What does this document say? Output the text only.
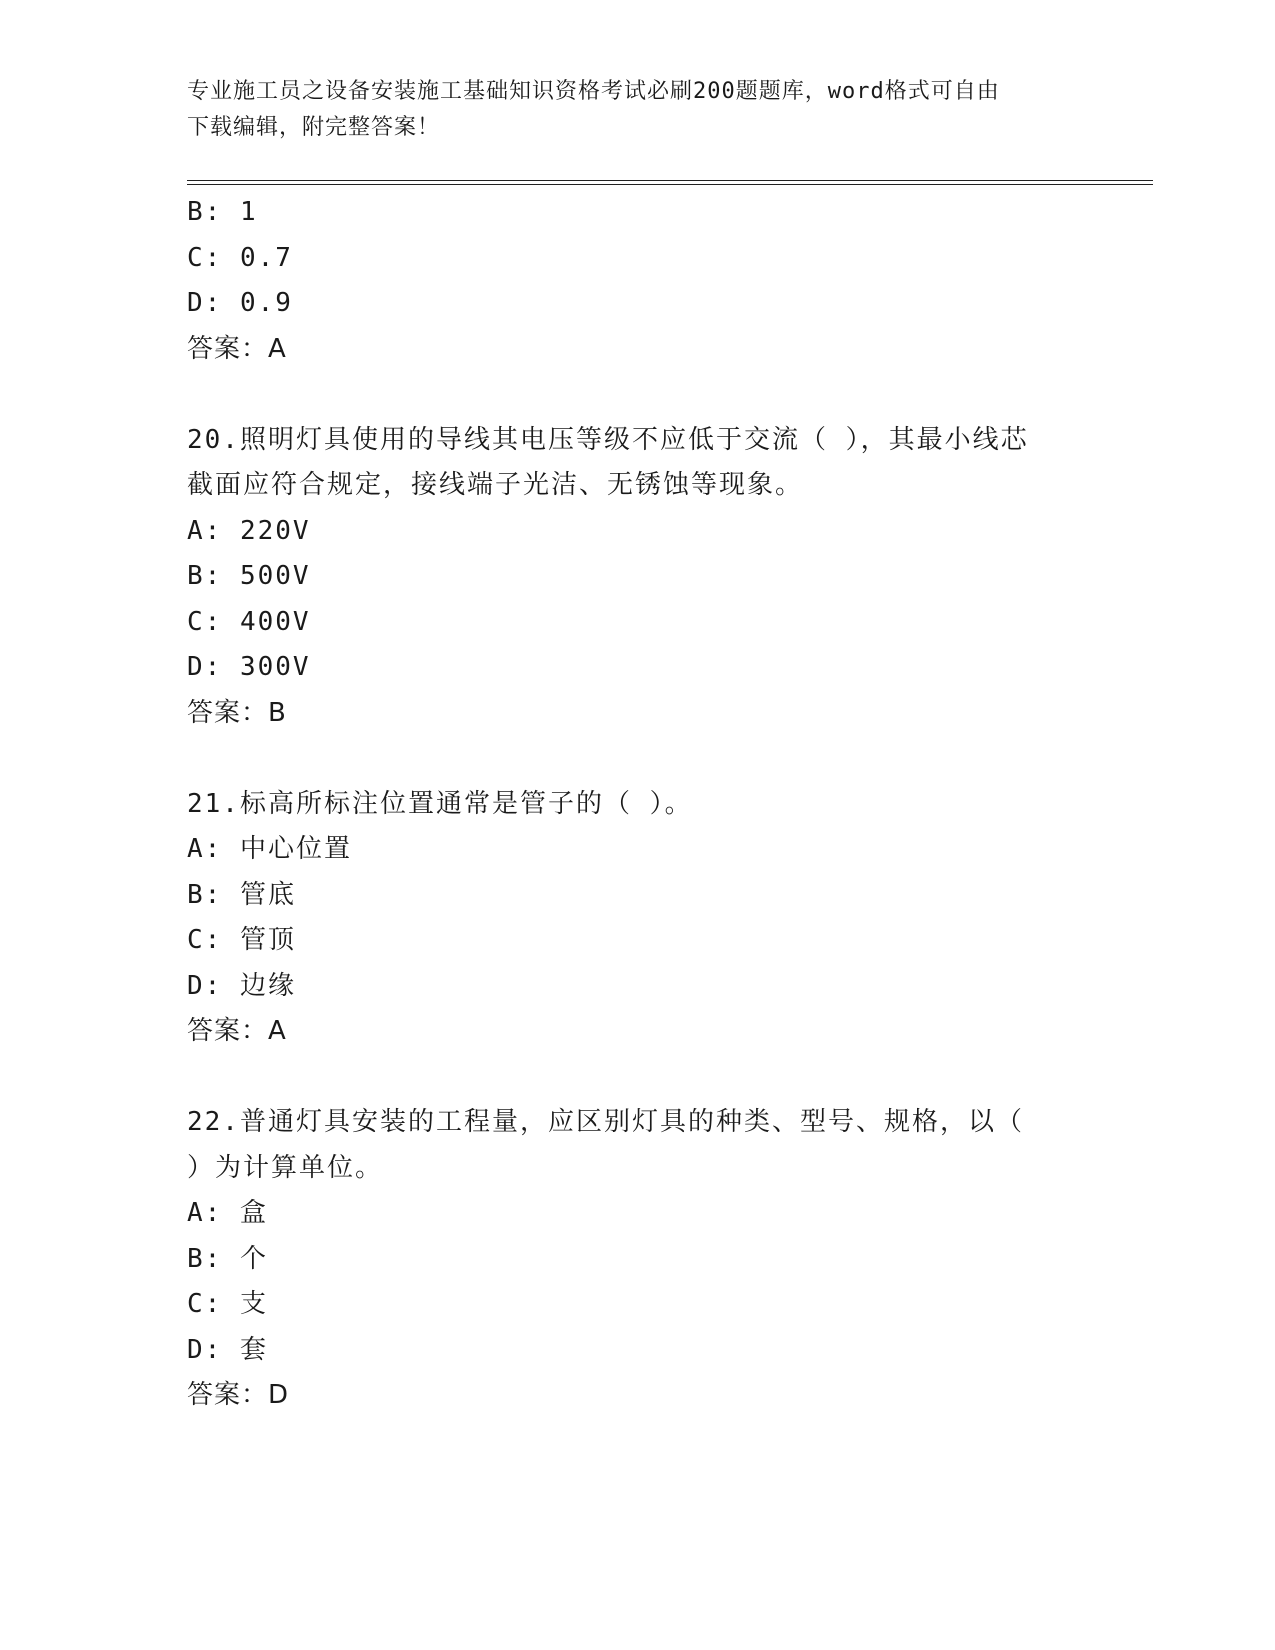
专业施工员之设备安装施工基础知识资格考试必刷200题题库，word格式可自由
下载编辑，附完整答案！
B: 1
C: 0.7
D: 0.9
答案：A
20.照明灯具使用的导线其电压等级不应低于交流（ ），其最小线芯
截面应符合规定，接线端子光洁、无锈蚀等现象。
A: 220V
B: 500V
C: 400V
D: 300V
答案：B
21.标高所标注位置通常是管子的（ ）。
A: 中心位置
B: 管底
C: 管顶
D: 边缘
答案：A
22.普通灯具安装的工程量，应区别灯具的种类、型号、规格，以（
）为计算单位。
A: 盒
B: 个
C: 支
D: 套
答案：D
